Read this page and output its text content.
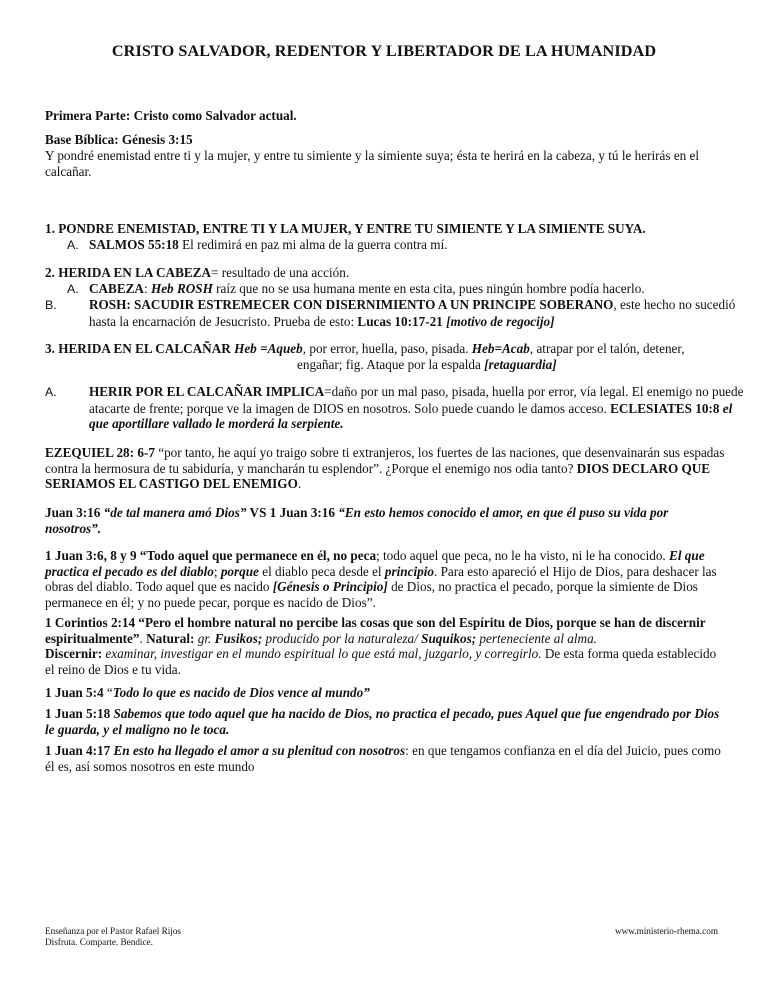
CRISTO SALVADOR, REDENTOR Y LIBERTADOR DE LA HUMANIDAD
Primera Parte: Cristo como Salvador actual.
Base Bíblica: Génesis 3:15
Y pondré enemistad entre ti y la mujer, y entre tu simiente y la simiente suya; ésta te herirá en la cabeza, y tú le herirás en el calcañar.
1. PONDRE ENEMISTAD, ENTRE TI Y LA MUJER, Y ENTRE TU SIMIENTE Y LA SIMIENTE SUYA.
A. SALMOS 55:18 El redimirá en paz mi alma de la guerra contra mí.
2. HERIDA EN LA CABEZA= resultado de una acción.
A. CABEZA: Heb ROSH raíz que no se usa humana mente en esta cita, pues ningún hombre podía hacerlo.
B. ROSH: SACUDIR ESTREMECER CON DISERNIMIENTO A UN PRINCIPE SOBERANO, este hecho no sucedió hasta la encarnación de Jesucristo. Prueba de esto: Lucas 10:17-21 [motivo de regocijo]
3. HERIDA EN EL CALCAÑAR Heb =Aqueb, por error, huella, paso, pisada. Heb=Acab, atrapar por el talón, detener,
engañar; fig. Ataque por la espalda [retaguardia]
A. HERIR POR EL CALCAÑAR IMPLICA=daño por un mal paso, pisada, huella por error, vía legal. El enemigo no puede atacarte de frente; porque ve la imagen de DIOS en nosotros. Solo puede cuando le damos acceso. ECLESIATES 10:8 el que aportillare vallado le morderá la serpiente.
EZEQUIEL 28: 6-7 “por tanto, he aquí yo traigo sobre ti extranjeros, los fuertes de las naciones, que desenvainarán sus espadas contra la hermosura de tu sabiduría, y mancharán tu esplendor”. ¿Porque el enemigo nos odia tanto? DIOS DECLARO QUE SERIAMOS EL CASTIGO DEL ENEMIGO.
Juan 3:16 “de tal manera amó Dios” VS 1 Juan 3:16 “En esto hemos conocido el amor, en que él puso su vida por nosotros”.
1 Juan 3:6, 8 y 9 “Todo aquel que permanece en él, no peca; todo aquel que peca, no le ha visto, ni le ha conocido. El que practica el pecado es del diablo; porque el diablo peca desde el principio. Para esto apareció el Hijo de Dios, para deshacer las obras del diablo. Todo aquel que es nacido [Génesis o Principio] de Dios, no practica el pecado, porque la simiente de Dios permanece en él; y no puede pecar, porque es nacido de Dios”.
1 Corintios 2:14 “Pero el hombre natural no percibe las cosas que son del Espíritu de Dios, porque se han de discernir espiritualmente”. Natural: gr. Fusikos; producido por la naturaleza/ Suquikos; perteneciente al alma.
Discernir: examinar, investigar en el mundo espiritual lo que está mal, juzgarlo, y corregirlo. De esta forma queda establecido el reino de Dios e tu vida.
1 Juan 5:4 “Todo lo que es nacido de Dios vence al mundo”
1 Juan 5:18 Sabemos que todo aquel que ha nacido de Dios, no practica el pecado, pues Aquel que fue engendrado por Dios le guarda, y el maligno no le toca.
1 Juan 4:17 En esto ha llegado el amor a su plenitud con nosotros: en que tengamos confianza en el día del Juicio, pues como él es, así somos nosotros en este mundo
Enseñanza por el Pastor Rafael Rijos
Disfruta. Comparte. Bendice.
www.ministerio-rhema.com
